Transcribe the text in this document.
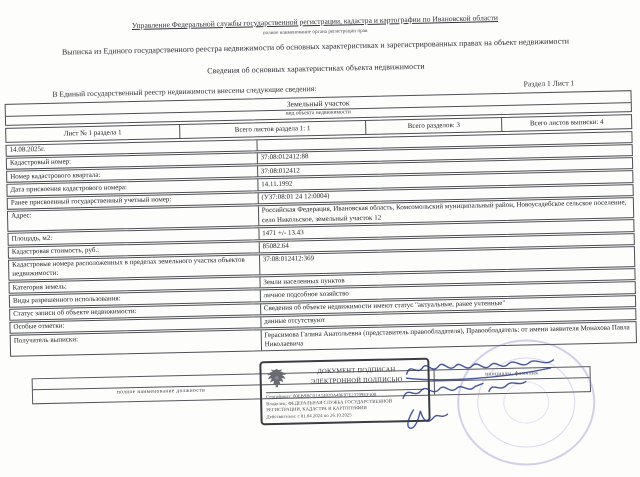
Управление Федеральной службы государственной регистрации, кадастра и картографии по Ивановской области
полное наименование органа регистрации прав
Выписка из Единого государственного реестра недвижимости об основных характеристиках и зарегистрированных правах на объект недвижимости
Сведения об основных характеристиках объекта недвижимости
В Единый государственный реестр недвижимости внесены следующие сведения:
Раздел 1 Лист 1
Земельный участок
вид объекта недвижимости
Лист № 1 раздела 1	Всего листов раздела 1: 1	Всего разделов: 3	Всего листов выписки: 4
14.08.2025г.
Кадастровый номер:
37:08:012412:88
Номер кадастрового квартала:	37:08:012412
Дата присвоения кадастрового номера:	14.11.1992
Ранее присвоенный государственный учетный номер:	(У37:08:01 24 12:0004)
Адрес:
Российская Федерация, Ивановская область, Комсомольский муниципальный район, Новоусадебское сельское поселение, село Никольское, земельный участок 12
Площадь, м2:
1471 +/- 13.43
Кадастровая стоимость, руб.:	85082.64
Кадастровые номера расположенных в пределах земельного участка объектов недвижимости:
37:08:012412:369
Категория земель:
Земли населенных пунктов
Виды разрешенного использования:
личное подсобное хозяйство
Статус записи об объекте недвижимости:
Сведения об объекте недвижимости имеют статус "актуальные, ранее учтенные"
Особые отметки:
данные отсутствуют
Получатель выписки:
Герасимова Галина Анатольевна (представитель правообладателя), Правообладатель: от имени заявителя Монахова Павла Николаевича
полное наименование должности
инициалы, фамилия
ДОКУМЕНТ ПОДПИСАН
ЭЛЕКТРОННОЙ ПОДПИСЬЮ
Сертификат: 00EB9BC01A14020A49F97E23709EF100
Владелец: ФЕДЕРАЛЬНАЯ СЛУЖБА ГОСУДАРСТВЕННОЙ РЕГИСТРАЦИИ, КАДАСТРА И КАРТОГРАФИИ
Действителен: с 01.04.2024 по 26.10.2025
